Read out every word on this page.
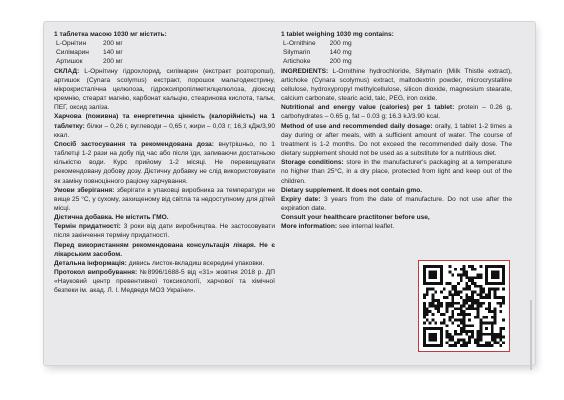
1 таблетка масою 1030 мг містить:
L-Орнітин	200 мг
Силімарин	140 мг
Артишок	200 мг

СКЛАД: L-Орнітину гідрохлорид, силімарин (екстракт розторопші), артишок (Cynara scolymus) екстракт, порошок мальтодекстрину, мікрокристалічна целюлоза, гідроксипропілметилцелюлоза, діоксид кремнію, стеарат магнію, карбонат кальцію, стеаринова кислота, тальк, ПЕГ, оксид заліза.

Харчова (поживна) та енергетична цінність (калорійність) на 1 таблетку: білки – 0,26 г, вуглеводи – 0,65 г, жири – 0,03 г; 16,3 кДж/3,90 ккал.

Спосіб застосування та рекомендована доза: внутрішньо, по 1 таблетці 1-2 рази на добу під час або після їди, запиваючи достатньою кількістю води. Курс прийому 1-2 місяці. Не перевищувати рекомендовану добову дозу. Дієтичну добавку не слід використовувати як заміну повноцінного раціону харчування.

Умови зберігання: зберігати в упаковці виробника за температури не вище 25 °С, у сухому, захищеному від світла та недоступному для дітей місці.

Дієтична добавка. Не містить ГМО.

Термін придатності: 3 роки від дати виробництва. Не застосовувати після закінчення терміну придатності.

Перед використанням рекомендована консультація лікаря. Не є лікарським засобом.

Детальна інформація: дивись листок-вкладиш всередині упаковки.

Протокол випробування: №8996/1688-5 від «31» жовтня 2018 р. ДП «Науковий центр превентивної токсикології, харчової та хімічної безпеки ім. акад. Л. І. Медведя МОЗ України».

1 tablet weighing 1030 mg contains:
L-Ornithine	200 mg
Silymarin	140 mg
Artichoke	200 mg

INGREDIENTS: L-Ornithine hydrochloride, Silymarin (Milk Thistle extract), artichoke (Cynara scolymus) extract, maltodextrin powder, microcrystalline cellulose, hydroxypropyl methylcellulose, silicon dioxide, magnesium stearate, calcium carbonate, stearic acid, talc, PEG, iron oxide.

Nutritional and energy value (calories) per 1 tablet: protein – 0.26 g, carbohydrates – 0.65 g, fat – 0.03 g; 16.3 kJ/3.90 kcal.

Method of use and recommended daily dosage: orally, 1 tablet 1-2 times a day during or after meals, with a sufficient amount of water. The course of treatment is 1-2 months. Do not exceed the recommended daily dose. The dietary supplement should not be used as a substitute for a nutritious diet.

Storage conditions: store in the manufacturer's packaging at a temperature no higher than 25°C, in a dry place, protected from light and keep out of the children.

Dietary supplement. It does not contain gmo.

Expiry date: 3 years from the date of manufacture. Do not use after the expiration date.

Consult your healthcare practitoner before use,

More information: see internal leaflet.
